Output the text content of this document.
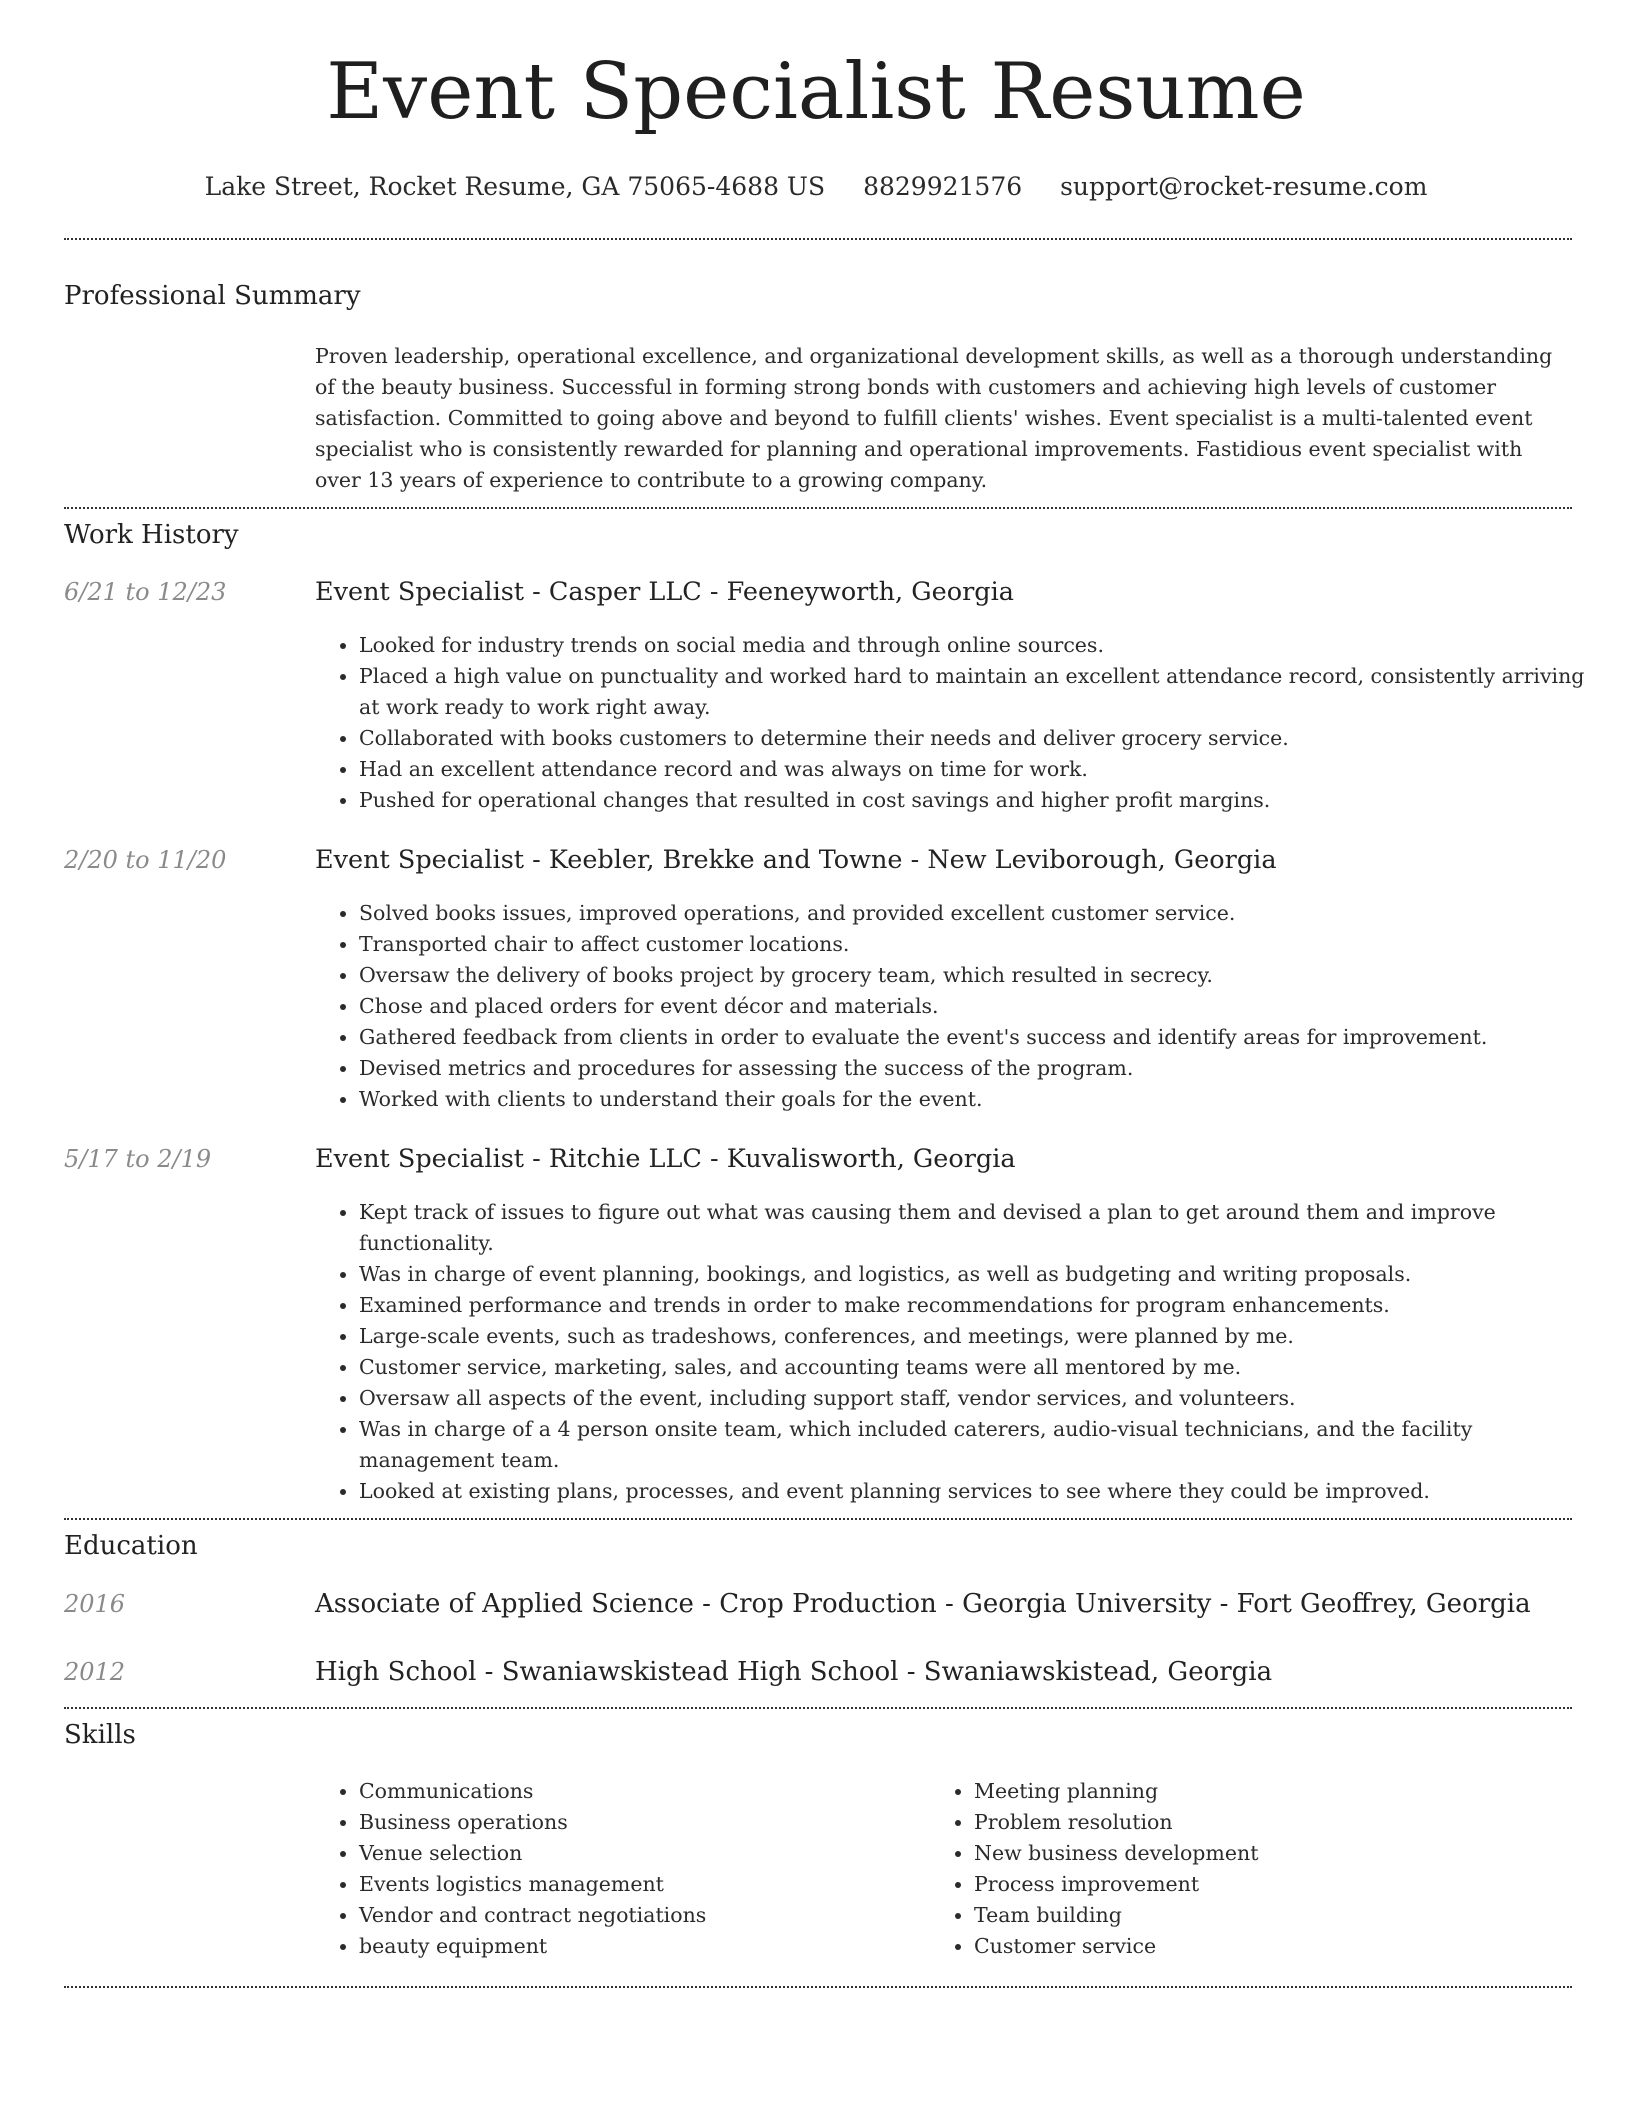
Event Specialist Resume
Lake Street, Rocket Resume, GA 75065-4688 US 8829921576 support@rocket-resume.com
Professional Summary

Proven leadership, operational excellence, and organizational development skills, as well as a thorough understanding of the beauty business. Successful in forming strong bonds with customers and achieving high levels of customer satisfaction. Committed to going above and beyond to fulfill clients' wishes. Event specialist is a multi-talented event specialist who is consistently rewarded for planning and operational improvements. Fastidious event specialist with over 13 years of experience to contribute to a growing company.

Work History
6/21 to 12/23	Event Specialist - Casper LLC - Feeneyworth, Georgia
• Looked for industry trends on social media and through online sources.
• Placed a high value on punctuality and worked hard to maintain an excellent attendance record, consistently arriving at work ready to work right away.
• Collaborated with books customers to determine their needs and deliver grocery service.
• Had an excellent attendance record and was always on time for work.
• Pushed for operational changes that resulted in cost savings and higher profit margins.
2/20 to 11/20	Event Specialist - Keebler, Brekke and Towne - New Leviborough, Georgia
• Solved books issues, improved operations, and provided excellent customer service.
• Transported chair to affect customer locations.
• Oversaw the delivery of books project by grocery team, which resulted in secrecy.
• Chose and placed orders for event décor and materials.
• Gathered feedback from clients in order to evaluate the event's success and identify areas for improvement.
• Devised metrics and procedures for assessing the success of the program.
• Worked with clients to understand their goals for the event.
5/17 to 2/19	Event Specialist - Ritchie LLC - Kuvalisworth, Georgia
• Kept track of issues to figure out what was causing them and devised a plan to get around them and improve functionality.
• Was in charge of event planning, bookings, and logistics, as well as budgeting and writing proposals.
• Examined performance and trends in order to make recommendations for program enhancements.
• Large-scale events, such as tradeshows, conferences, and meetings, were planned by me.
• Customer service, marketing, sales, and accounting teams were all mentored by me.
• Oversaw all aspects of the event, including support staff, vendor services, and volunteers.
• Was in charge of a 4 person onsite team, which included caterers, audio-visual technicians, and the facility management team.
• Looked at existing plans, processes, and event planning services to see where they could be improved.
Education
2016	Associate of Applied Science - Crop Production - Georgia University - Fort Geoffrey, Georgia
2012	High School - Swaniawskistead High School - Swaniawskistead, Georgia
Skills
• Communications
• Business operations
• Venue selection
• Events logistics management
• Vendor and contract negotiations
• beauty equipment
• Meeting planning
• Problem resolution
• New business development
• Process improvement
• Team building
• Customer service
